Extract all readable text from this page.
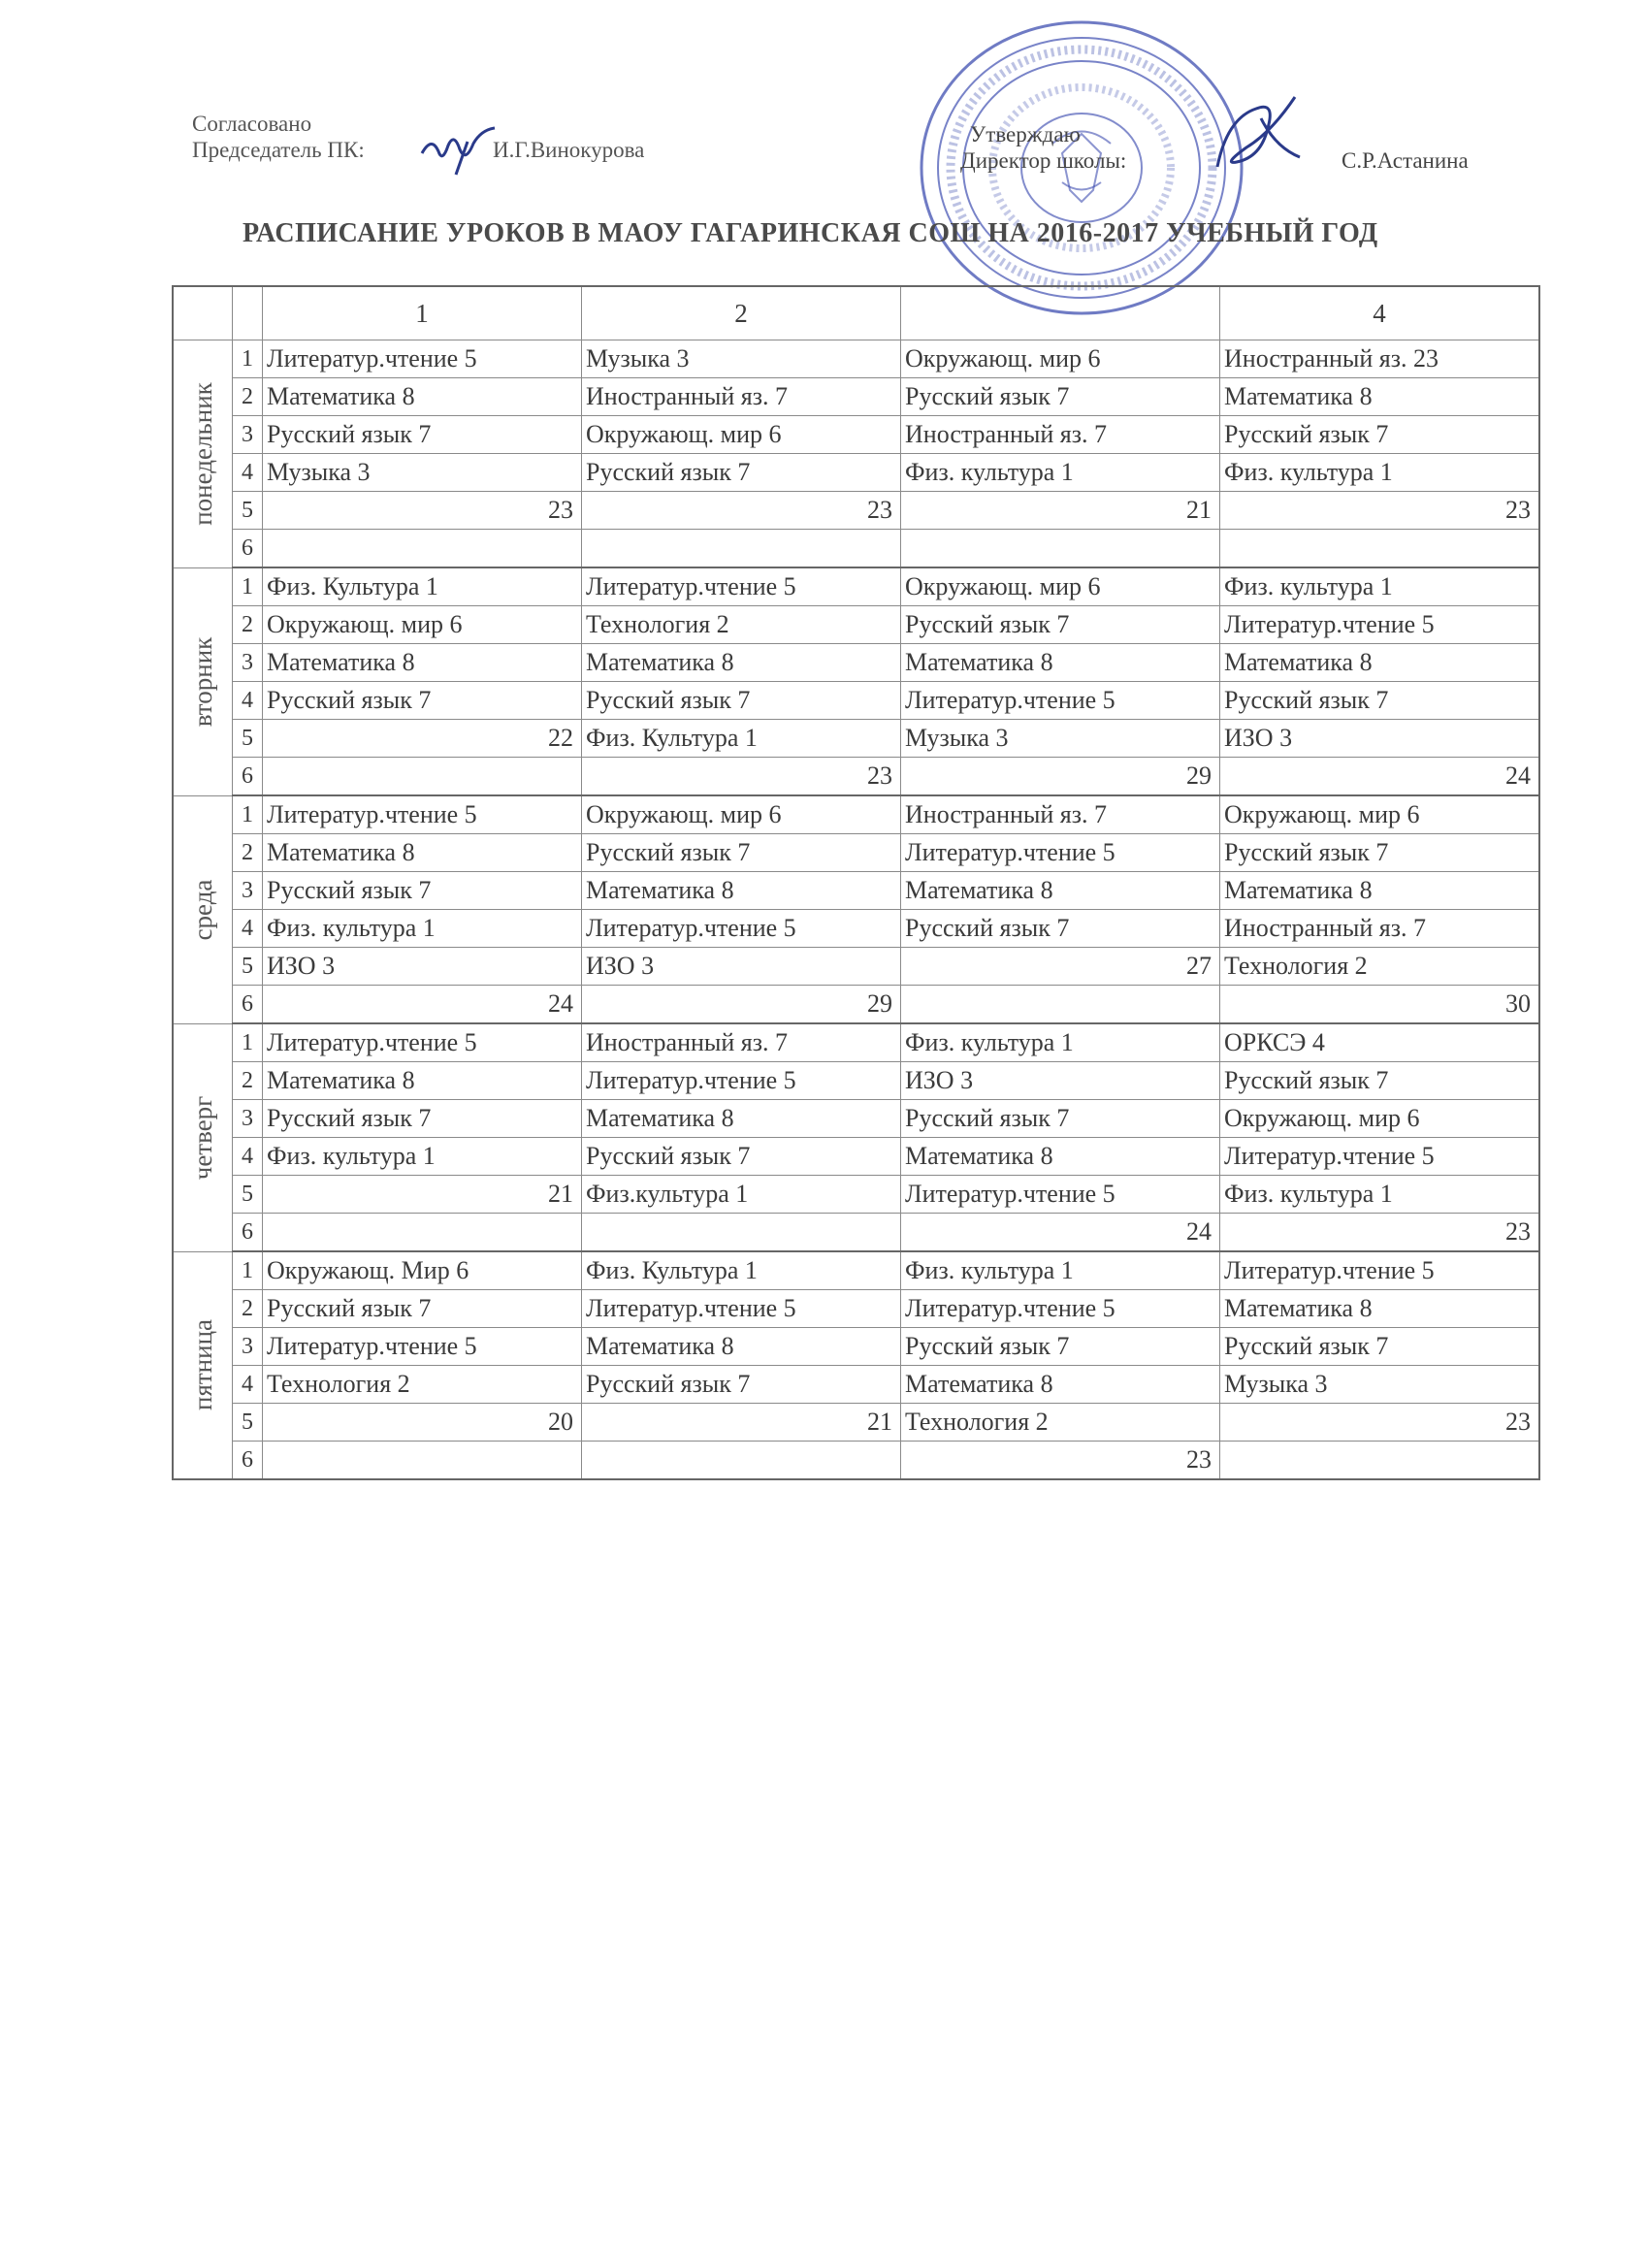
Согласовано
Председатель ПК:	И.Г.Винокурова
Утверждаю
Директор школы:	С.Р.Астанина
РАСПИСАНИЕ УРОКОВ В МАОУ ГАГАРИНСКАЯ СОШ НА 2016-2017 УЧЕБНЫЙ ГОД
		1	2		4

понедельник	1	Литератур.чтение 5	Музыка 3	Окружающ. мир 6	Иностранный яз. 23
	2	Математика 8	Иностранный яз. 7	Русский язык 7	Математика 8
	3	Русский язык 7	Окружающ. мир 6	Иностранный яз. 7	Русский язык 7
	4	Музыка 3	Русский язык 7	Физ. культура 1	Физ. культура 1
	5	23	23	21	23
	6				

вторник	1	Физ. Культура 1	Литератур.чтение 5	Окружающ. мир 6	Физ. культура 1
	2	Окружающ. мир 6	Технология 2	Русский язык 7	Литератур.чтение 5
	3	Математика 8	Математика 8	Математика 8	Математика 8
	4	Русский язык 7	Русский язык 7	Литератур.чтение 5	Русский язык 7
	5	22	Физ. Культура 1	Музыка 3	ИЗО 3
	6		23	29	24

среда	1	Литератур.чтение 5	Окружающ. мир 6	Иностранный яз. 7	Окружающ. мир 6
	2	Математика 8	Русский язык 7	Литератур.чтение 5	Русский язык 7
	3	Русский язык 7	Математика 8	Математика 8	Математика 8
	4	Физ. культура 1	Литератур.чтение 5	Русский язык 7	Иностранный яз. 7
	5	ИЗО 3	ИЗО 3	27	Технология 2
	6	24	29		30

четверг	1	Литератур.чтение 5	Иностранный яз. 7	Физ. культура 1	ОРКСЭ 4
	2	Математика 8	Литератур.чтение 5	ИЗО 3	Русский язык 7
	3	Русский язык 7	Математика 8	Русский язык 7	Окружающ. мир 6
	4	Физ. культура 1	Русский язык 7	Математика 8	Литератур.чтение 5
	5	21	Физ.культура 1	Литератур.чтение 5	Физ. культура 1
	6			24	23

пятница	1	Окружающ. Мир 6	Физ. Культура 1	Физ. культура 1	Литератур.чтение 5
	2	Русский язык 7	Литератур.чтение 5	Литератур.чтение 5	Математика 8
	3	Литератур.чтение 5	Математика 8	Русский язык 7	Русский язык 7
	4	Технология 2	Русский язык 7	Математика 8	Музыка 3
	5	20	21	Технология 2	23
	6			23	
